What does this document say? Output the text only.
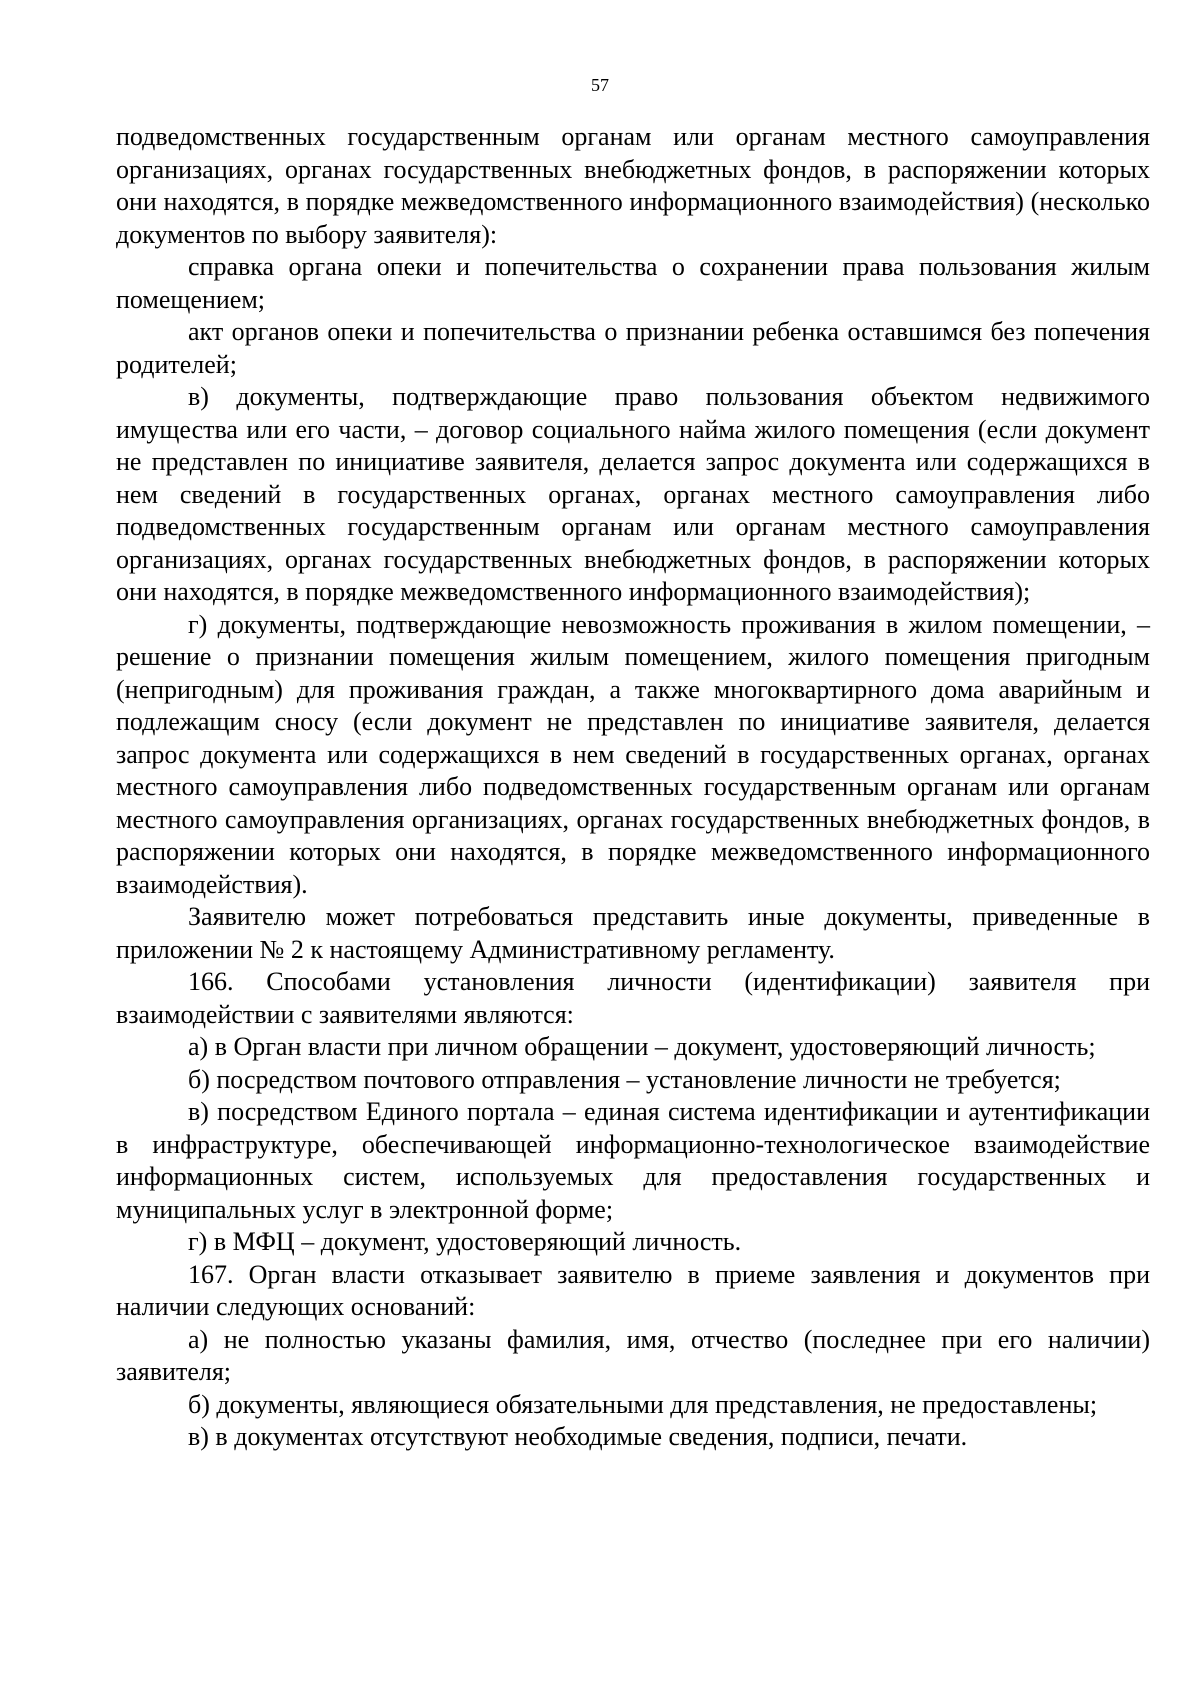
57

подведомственных государственным органам или органам местного самоуправления организациях, органах государственных внебюджетных фондов, в распоряжении которых они находятся, в порядке межведомственного информационного взаимодействия) (несколько документов по выбору заявителя):

справка органа опеки и попечительства о сохранении права пользования жилым помещением;

акт органов опеки и попечительства о признании ребенка оставшимся без попечения родителей;

в) документы, подтверждающие право пользования объектом недвижимого имущества или его части, – договор социального найма жилого помещения (если документ не представлен по инициативе заявителя, делается запрос документа или содержащихся в нем сведений в государственных органах, органах местного самоуправления либо подведомственных государственным органам или органам местного самоуправления организациях, органах государственных внебюджетных фондов, в распоряжении которых они находятся, в порядке межведомственного информационного взаимодействия);

г) документы, подтверждающие невозможность проживания в жилом помещении, – решение о признании помещения жилым помещением, жилого помещения пригодным (непригодным) для проживания граждан, а также многоквартирного дома аварийным и подлежащим сносу (если документ не представлен по инициативе заявителя, делается запрос документа или содержащихся в нем сведений в государственных органах, органах местного самоуправления либо подведомственных государственным органам или органам местного самоуправления организациях, органах государственных внебюджетных фондов, в распоряжении которых они находятся, в порядке межведомственного информационного взаимодействия).

Заявителю может потребоваться представить иные документы, приведенные в приложении № 2 к настоящему Административному регламенту.

166. Способами установления личности (идентификации) заявителя при взаимодействии с заявителями являются:

а) в Орган власти при личном обращении – документ, удостоверяющий личность;

б) посредством почтового отправления – установление личности не требуется;

в) посредством Единого портала – единая система идентификации и аутентификации в инфраструктуре, обеспечивающей информационно-технологическое взаимодействие информационных систем, используемых для предоставления государственных и муниципальных услуг в электронной форме;

г) в МФЦ – документ, удостоверяющий личность.

167. Орган власти отказывает заявителю в приеме заявления и документов при наличии следующих оснований:

а) не полностью указаны фамилия, имя, отчество (последнее при его наличии) заявителя;

б) документы, являющиеся обязательными для представления, не предоставлены;

в) в документах отсутствуют необходимые сведения, подписи, печати.
